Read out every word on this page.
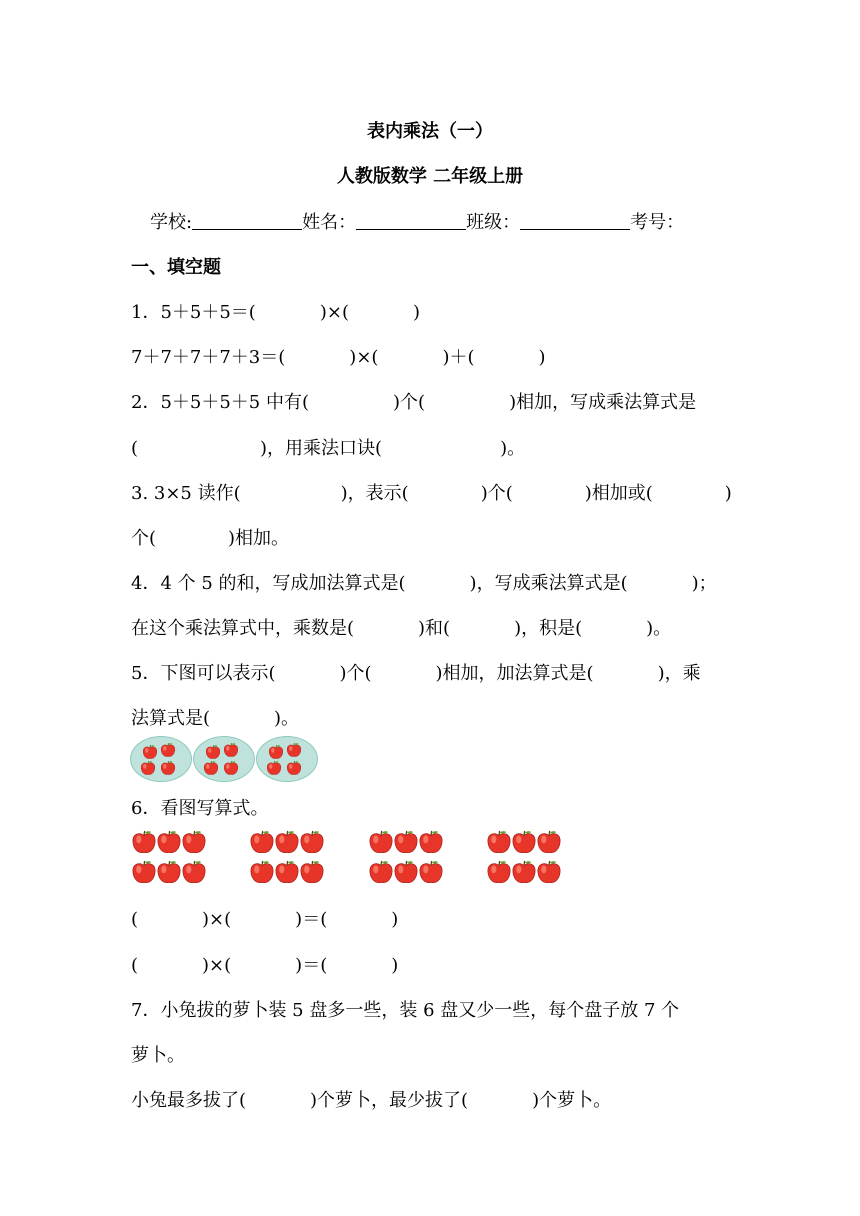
表内乘法（一）
人教版数学 二年级上册
学校:	姓名：	班级：	考号：
一、填空题
1．5＋5＋5＝(	)×(	)
7＋7＋7＋7＋3＝(	)×(	)＋(	)
2．5＋5＋5＋5 中有(	)个(	)相加，写成乘法算式是
(	)，用乘法口诀(	)。
3. 3×5 读作(	)，表示(	)个(	)相加或(	)
个(	)相加。
4．4 个 5 的和，写成加法算式是(	)，写成乘法算式是(	)；
在这个乘法算式中，乘数是(	)和(	)，积是(	)。
5．下图可以表示(	)个(	)相加，加法算式是(	)，乘
法算式是(	)。
6．看图写算式。
(	)×(	)＝(	)
(	)×(	)＝(	)
7．小兔拔的萝卜装 5 盘多一些，装 6 盘又少一些，每个盘子放 7 个
萝卜。
小兔最多拔了(	)个萝卜，最少拔了(	)个萝卜。
